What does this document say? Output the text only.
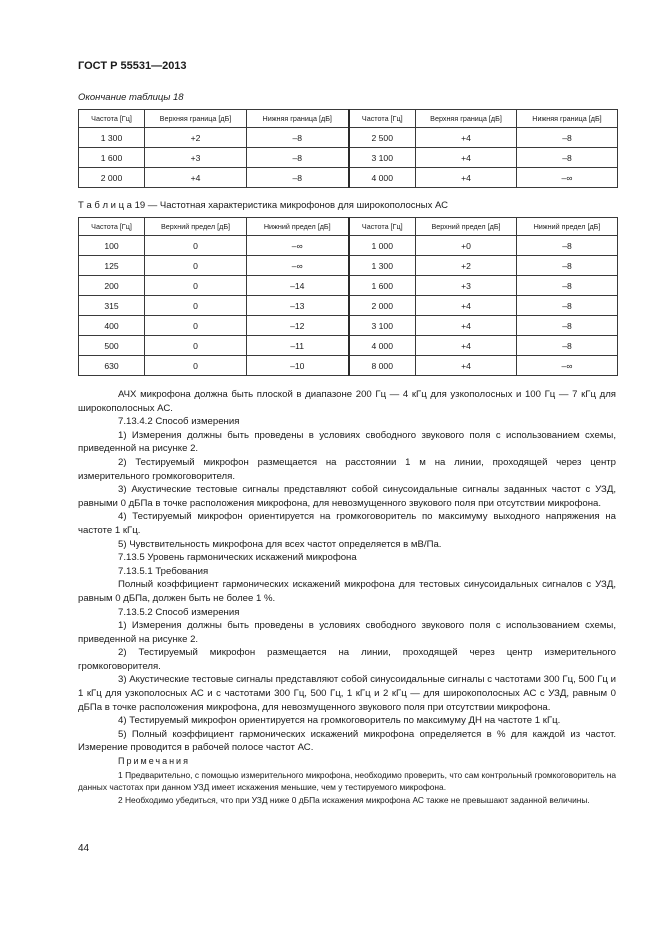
ГОСТ Р 55531—2013
Окончание таблицы 18
Частота [Гц]	Верхняя граница [дБ]	Нижняя граница [дБ]	Частота [Гц]	Верхняя граница [дБ]	Нижняя граница [дБ]
1 300	+2	–8	2 500	+4	–8
1 600	+3	–8	3 100	+4	–8
2 000	+4	–8	4 000	+4	–∞
Т а б л и ц а 19 — Частотная характеристика микрофонов для широкополосных АС
Частота [Гц]	Верхний предел [дБ]	Нижний предел [дБ]	Частота [Гц]	Верхний предел [дБ]	Нижний предел [дБ]
100	0	–∞	1 000	+0	–8
125	0	–∞	1 300	+2	–8
200	0	–14	1 600	+3	–8
315	0	–13	2 000	+4	–8
400	0	–12	3 100	+4	–8
500	0	–11	4 000	+4	–8
630	0	–10	8 000	+4	–∞

АЧХ микрофона должна быть плоской в диапазоне 200 Гц — 4 кГц для узкополосных и 100 Гц — 7 кГц для широкополосных АС.

7.13.4.2 Способ измерения

1) Измерения должны быть проведены в условиях свободного звукового поля с использованием схемы, приведенной на рисунке 2.

2) Тестируемый микрофон размещается на расстоянии 1 м на линии, проходящей через центр измерительного громкоговорителя.

3) Акустические тестовые сигналы представляют собой синусоидальные сигналы заданных частот с УЗД, равными 0 дБПа в точке расположения микрофона, для невозмущенного звукового поля при отсутствии микрофона.

4) Тестируемый микрофон ориентируется на громкоговоритель по максимуму выходного напряжения на частоте 1 кГц.

5) Чувствительность микрофона для всех частот определяется в мВ/Па.

7.13.5 Уровень гармонических искажений микрофона

7.13.5.1 Требования

Полный коэффициент гармонических искажений микрофона для тестовых синусоидальных сигналов с УЗД, равным 0 дБПа, должен быть не более 1 %.

7.13.5.2 Способ измерения

1) Измерения должны быть проведены в условиях свободного звукового поля с использованием схемы, приведенной на рисунке 2.

2) Тестируемый микрофон размещается на линии, проходящей через центр измерительного громкоговорителя.

3) Акустические тестовые сигналы представляют собой синусоидальные сигналы с частотами 300 Гц, 500 Гц и 1 кГц для узкополосных АС и с частотами 300 Гц, 500 Гц, 1 кГц и 2 кГц — для широкополосных АС с УЗД, равным 0 дБПа в точке расположения микрофона, для невозмущенного звукового поля при отсутствии микрофона.

4) Тестируемый микрофон ориентируется на громкоговоритель по максимуму ДН на частоте 1 кГц.

5) Полный коэффициент гармонических искажений микрофона определяется в % для каждой из частот. Измерение проводится в рабочей полосе частот АС.

Примечания

1 Предварительно, с помощью измерительного микрофона, необходимо проверить, что сам контрольный громкоговоритель на данных частотах при данном УЗД имеет искажения меньшие, чем у тестируемого микрофона.

2 Необходимо убедиться, что при УЗД ниже 0 дБПа искажения микрофона АС также не превышают заданной величины.

44
